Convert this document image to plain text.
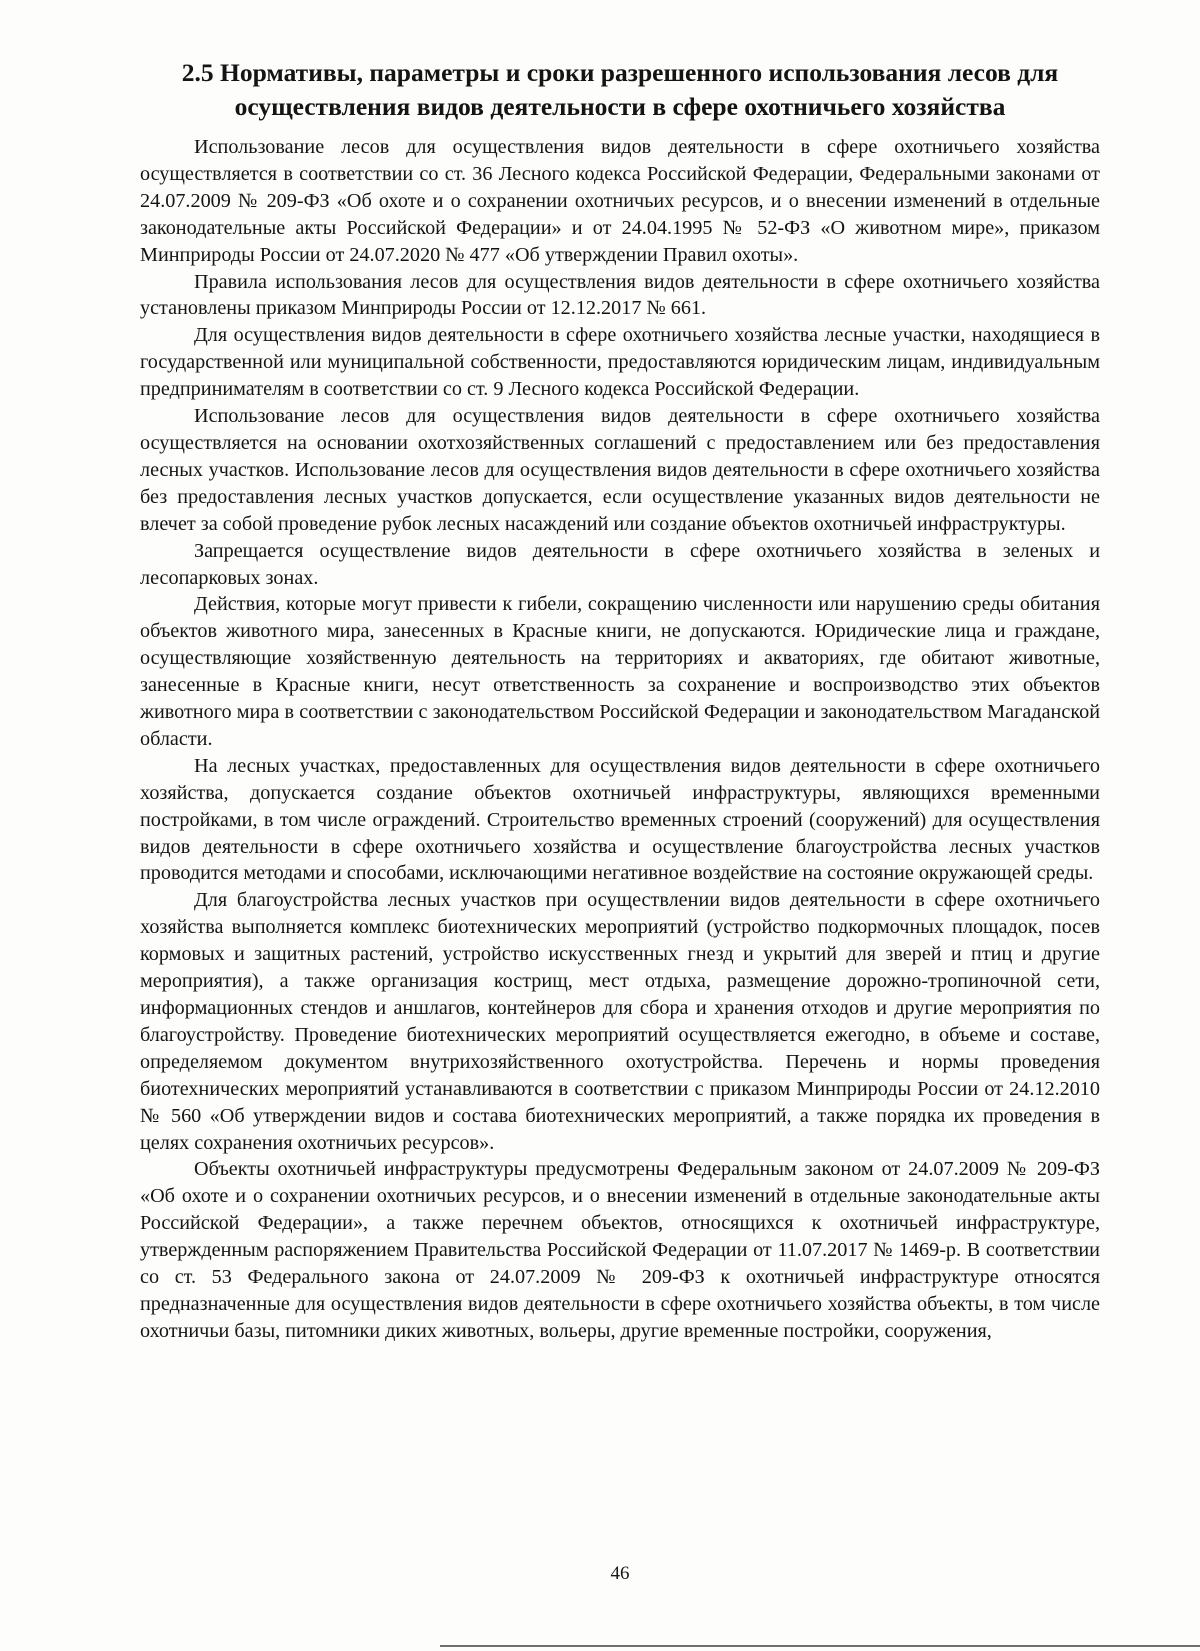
2.5 Нормативы, параметры и сроки разрешенного использования лесов для
осуществления видов деятельности в сфере охотничьего хозяйства

Использование лесов для осуществления видов деятельности в сфере охотничьего хозяйства осуществляется в соответствии со ст. 36 Лесного кодекса Российской Федерации, Федеральными законами от 24.07.2009 № 209-ФЗ «Об охоте и о сохранении охотничьих ресурсов, и о внесении изменений в отдельные законодательные акты Российской Федерации» и от 24.04.1995 № 52-ФЗ «О животном мире», приказом Минприроды России от 24.07.2020 № 477 «Об утверждении Правил охоты».

Правила использования лесов для осуществления видов деятельности в сфере охотничьего хозяйства установлены приказом Минприроды России от 12.12.2017 № 661.

Для осуществления видов деятельности в сфере охотничьего хозяйства лесные участки, находящиеся в государственной или муниципальной собственности, предоставляются юридическим лицам, индивидуальным предпринимателям в соответствии со ст. 9 Лесного кодекса Российской Федерации.

Использование лесов для осуществления видов деятельности в сфере охотничьего хозяйства осуществляется на основании охотхозяйственных соглашений с предоставлением или без предоставления лесных участков. Использование лесов для осуществления видов деятельности в сфере охотничьего хозяйства без предоставления лесных участков допускается, если осуществление указанных видов деятельности не влечет за собой проведение рубок лесных насаждений или создание объектов охотничьей инфраструктуры.

Запрещается осуществление видов деятельности в сфере охотничьего хозяйства в зеленых и лесопарковых зонах.

Действия, которые могут привести к гибели, сокращению численности или нарушению среды обитания объектов животного мира, занесенных в Красные книги, не допускаются. Юридические лица и граждане, осуществляющие хозяйственную деятельность на территориях и акваториях, где обитают животные, занесенные в Красные книги, несут ответственность за сохранение и воспроизводство этих объектов животного мира в соответствии с законодательством Российской Федерации и законодательством Магаданской области.

На лесных участках, предоставленных для осуществления видов деятельности в сфере охотничьего хозяйства, допускается создание объектов охотничьей инфраструктуры, являющихся временными постройками, в том числе ограждений. Строительство временных строений (сооружений) для осуществления видов деятельности в сфере охотничьего хозяйства и осуществление благоустройства лесных участков проводится методами и способами, исключающими негативное воздействие на состояние окружающей среды.

Для благоустройства лесных участков при осуществлении видов деятельности в сфере охотничьего хозяйства выполняется комплекс биотехнических мероприятий (устройство подкормочных площадок, посев кормовых и защитных растений, устройство искусственных гнезд и укрытий для зверей и птиц и другие мероприятия), а также организация кострищ, мест отдыха, размещение дорожно-тропиночной сети, информационных стендов и аншлагов, контейнеров для сбора и хранения отходов и другие мероприятия по благоустройству. Проведение биотехнических мероприятий осуществляется ежегодно, в объеме и составе, определяемом документом внутрихозяйственного охотустройства. Перечень и нормы проведения биотехнических мероприятий устанавливаются в соответствии с приказом Минприроды России от 24.12.2010 № 560 «Об утверждении видов и состава биотехнических мероприятий, а также порядка их проведения в целях сохранения охотничьих ресурсов».

Объекты охотничьей инфраструктуры предусмотрены Федеральным законом от 24.07.2009 № 209-ФЗ «Об охоте и о сохранении охотничьих ресурсов, и о внесении изменений в отдельные законодательные акты Российской Федерации», а также перечнем объектов, относящихся к охотничьей инфраструктуре, утвержденным распоряжением Правительства Российской Федерации от 11.07.2017 № 1469-р. В соответствии со ст. 53 Федерального закона от 24.07.2009 № 209-ФЗ к охотничьей инфраструктуре относятся предназначенные для осуществления видов деятельности в сфере охотничьего хозяйства объекты, в том числе охотничьи базы, питомники диких животных, вольеры, другие временные постройки, сооружения,

46
